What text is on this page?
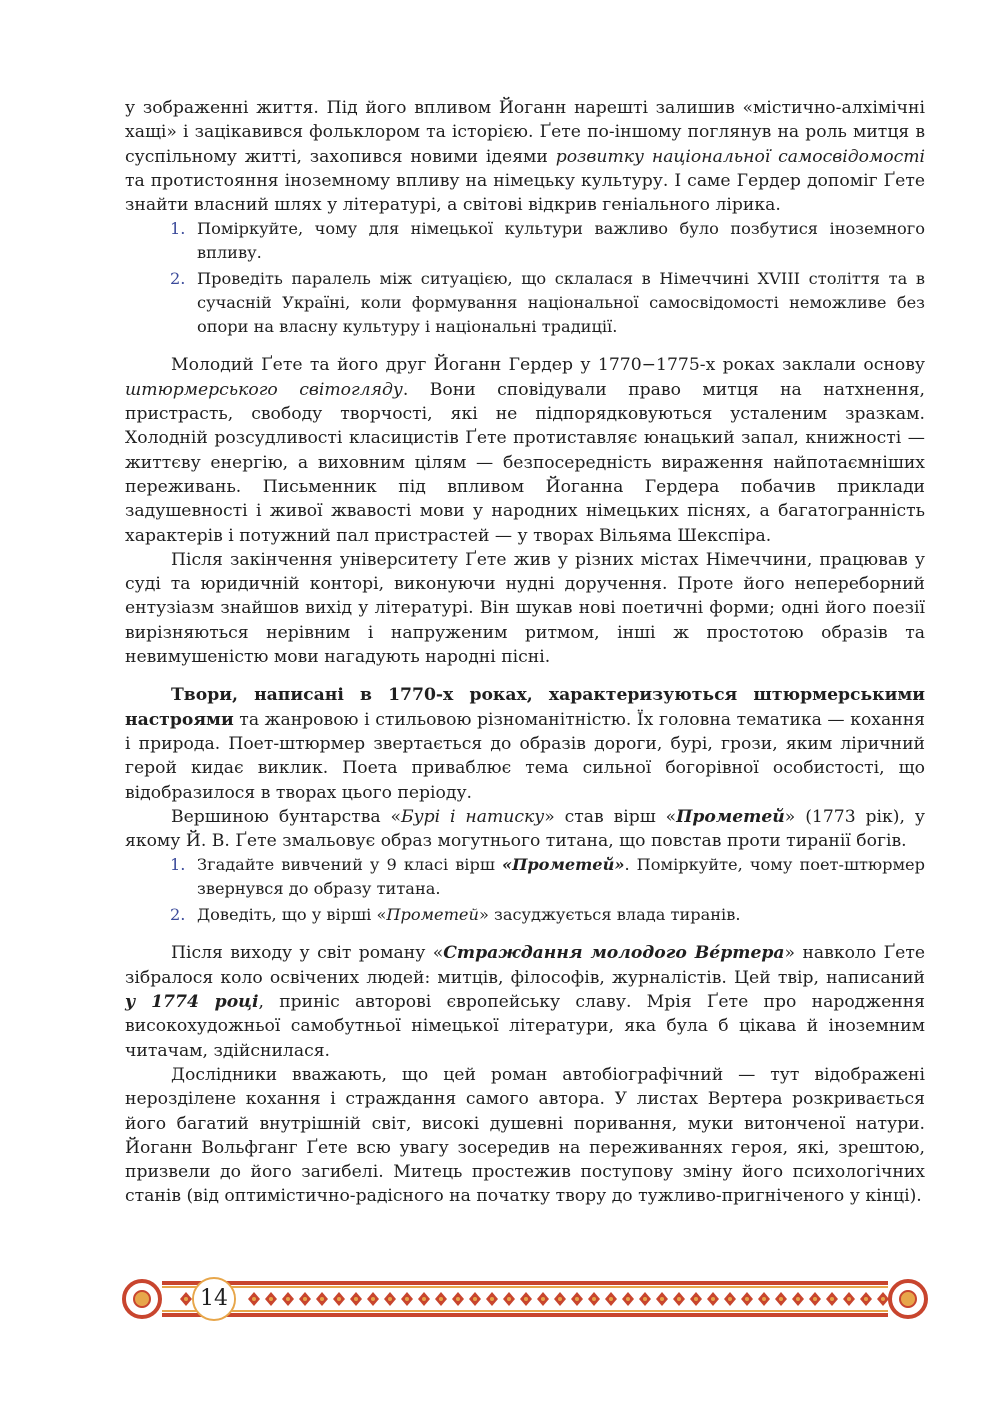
у зображенні життя. Під його впливом Йоганн нарешті залишив «містично-алхімічні хащі» і зацікавився фольклором та історією. Ґете по-іншому поглянув на роль митця в суспільному житті, захопився новими ідеями розвитку національної самосвідомості та протистояння іноземному впливу на німецьку культуру. І саме Гердер допоміг Ґете знайти власний шлях у літературі, а світові відкрив геніального лірика.

1. Поміркуйте, чому для німецької культури важливо було позбутися іноземного впливу.
2. Проведіть паралель між ситуацією, що склалася в Німеччині XVIII століття та в сучасній Україні, коли формування національної самосвідомості неможливе без опори на власну культуру і національні традиції.

Молодий Ґете та його друг Йоганн Гердер у 1770−1775-х роках заклали основу штюрмерського світогляду. Вони сповідували право митця на натхнення, пристрасть, свободу творчості, які не підпорядковуються усталеним зразкам. Холодній розсудливості класицистів Ґете протиставляє юнацький запал, книжності — життєву енергію, а виховним цілям — безпосередність вираження найпотаємніших переживань. Письменник під впливом Йоганна Гердера побачив приклади задушевності і живої жвавості мови у народних німецьких піснях, а багатогранність характерів і потужний пал пристрастей — у творах Вільяма Шекспіра.

Після закінчення університету Ґете жив у різних містах Німеччини, працював у суді та юридичній конторі, виконуючи нудні доручення. Проте його непереборний ентузіазм знайшов вихід у літературі. Він шукав нові поетичні форми; одні його поезії вирізняються нерівним і напруженим ритмом, інші ж простотою образів та невимушеністю мови нагадують народні пісні.

Твори, написані в 1770-х роках, характеризуються штюрмерськими настроями та жанровою і стильовою різноманітністю. Їх головна тематика — кохання і природа. Поет-штюрмер звертається до образів дороги, бурі, грози, яким ліричний герой кидає виклик. Поета приваблює тема сильної богорівної особистості, що відобразилося в творах цього періоду.

Вершиною бунтарства «Бурі і натиску» став вірш «Прометей» (1773 рік), у якому Й. В. Ґете змальовує образ могутнього титана, що повстав проти тиранії богів.

1. Згадайте вивчений у 9 класі вірш «Прометей». Поміркуйте, чому поет-штюрмер звернувся до образу титана.
2. Доведіть, що у вірші «Прометей» засуджується влада тиранів.

Після виходу у світ роману «Страждання молодого Ве́ртера» навколо Ґете зібралося коло освічених людей: митців, філософів, журналістів. Цей твір, написаний у 1774 році, приніс авторові європейську славу. Мрія Ґете про народження високохудожньої самобутньої німецької літератури, яка була б цікава й іноземним читачам, здійснилася.

Дослідники вважають, що цей роман автобіографічний — тут відображені нерозділене кохання і страждання самого автора. У листах Вертера розкривається його багатий внутрішній світ, високі душевні поривання, муки витонченої натури. Йоганн Вольфганг Ґете всю увагу зосередив на переживаннях героя, які, зрештою, призвели до його загибелі. Митець простежив поступову зміну його психологічних станів (від оптимістично-радісного на початку твору до тужливо-пригніченого у кінці).

14
